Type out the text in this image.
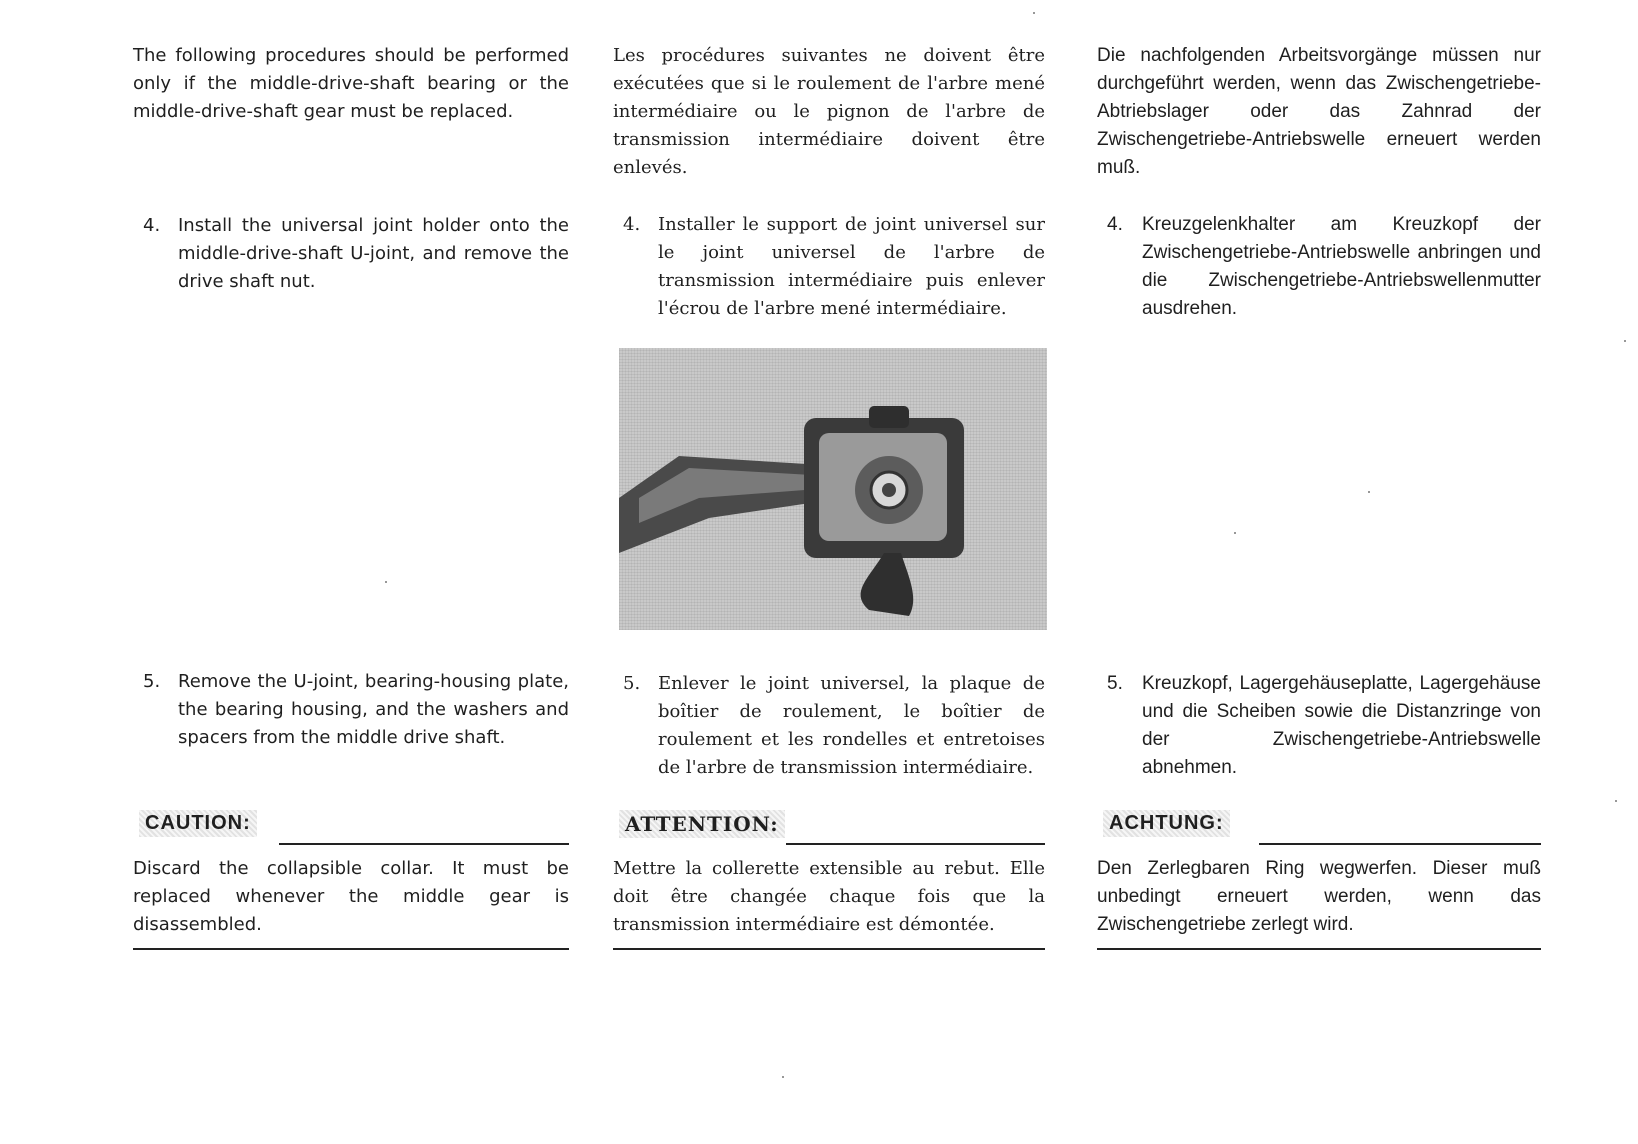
The following procedures should be performed only if the middle-drive-shaft bearing or the middle-drive-shaft gear must be replaced.

4. Install the universal joint holder onto the middle-drive-shaft U-joint, and remove the drive shaft nut.
5. Remove the U-joint, bearing-housing plate, the bearing housing, and the washers and spacers from the middle drive shaft.
CAUTION:

Discard the collapsible collar. It must be replaced whenever the middle gear is disassembled.

Les procédures suivantes ne doivent être exécutées que si le roulement de l'arbre mené intermédiaire ou le pignon de l'arbre de transmission intermédiaire doivent être enlevés.

4. Installer le support de joint universel sur le joint universel de l'arbre de transmission intermédiaire puis enlever l'écrou de l'arbre mené intermédiaire.
5. Enlever le joint universel, la plaque de boîtier de roulement, le boîtier de roulement et les rondelles et entretoises de l'arbre de transmission intermédiaire.
ATTENTION:

Mettre la collerette extensible au rebut. Elle doit être changée chaque fois que la transmission intermédiaire est démontée.

Die nachfolgenden Arbeitsvorgänge müssen nur durchgeführt werden, wenn das Zwischengetriebe-Abtriebslager oder das Zahnrad der Zwischengetriebe-Antriebswelle erneuert werden muß.

4. Kreuzgelenkhalter am Kreuzkopf der Zwischengetriebe-Antriebswelle anbringen und die Zwischengetriebe-Antriebswellenmutter ausdrehen.
5. Kreuzkopf, Lagergehäuseplatte, Lagergehäuse und die Scheiben sowie die Distanzringe von der Zwischengetriebe-Antriebswelle abnehmen.
ACHTUNG:

Den Zerlegbaren Ring wegwerfen. Dieser muß unbedingt erneuert werden, wenn das Zwischengetriebe zerlegt wird.
